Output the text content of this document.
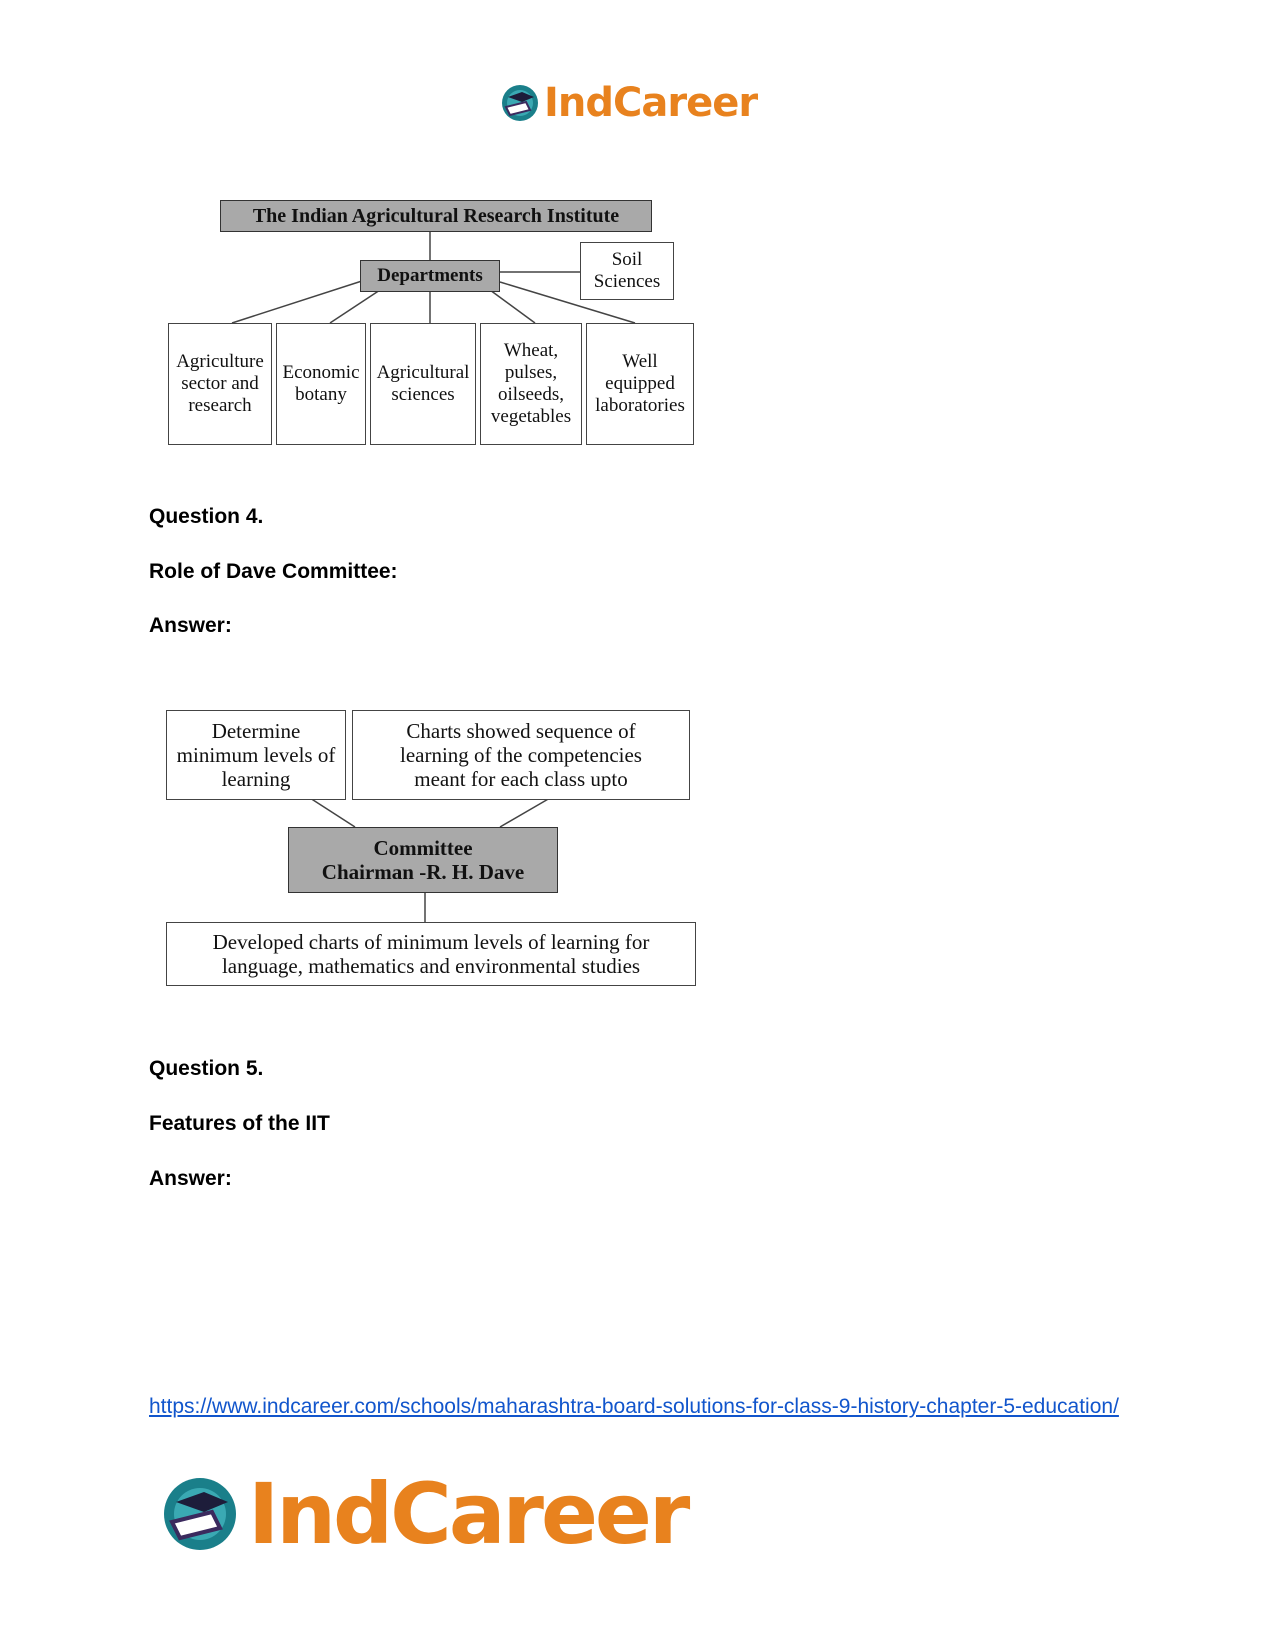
IndCareer
The Indian Agricultural Research Institute
Departments
Soil Sciences
Agriculture sector and research
Economic botany
Agricultural sciences
Wheat, pulses, oilseeds, vegetables
Well equipped laboratories

Question 4.

Role of Dave Committee:

Answer:

Determine minimum levels of learning
Charts showed sequence of learning of the competencies meant for each class upto
Committee
Chairman -R. H. Dave
Developed charts of minimum levels of learning for language, mathematics and environmental studies

Question 5.

Features of the IIT

Answer:

https://www.indcareer.com/schools/maharashtra-board-solutions-for-class-9-history-chapter-5-education/
IndCareer
